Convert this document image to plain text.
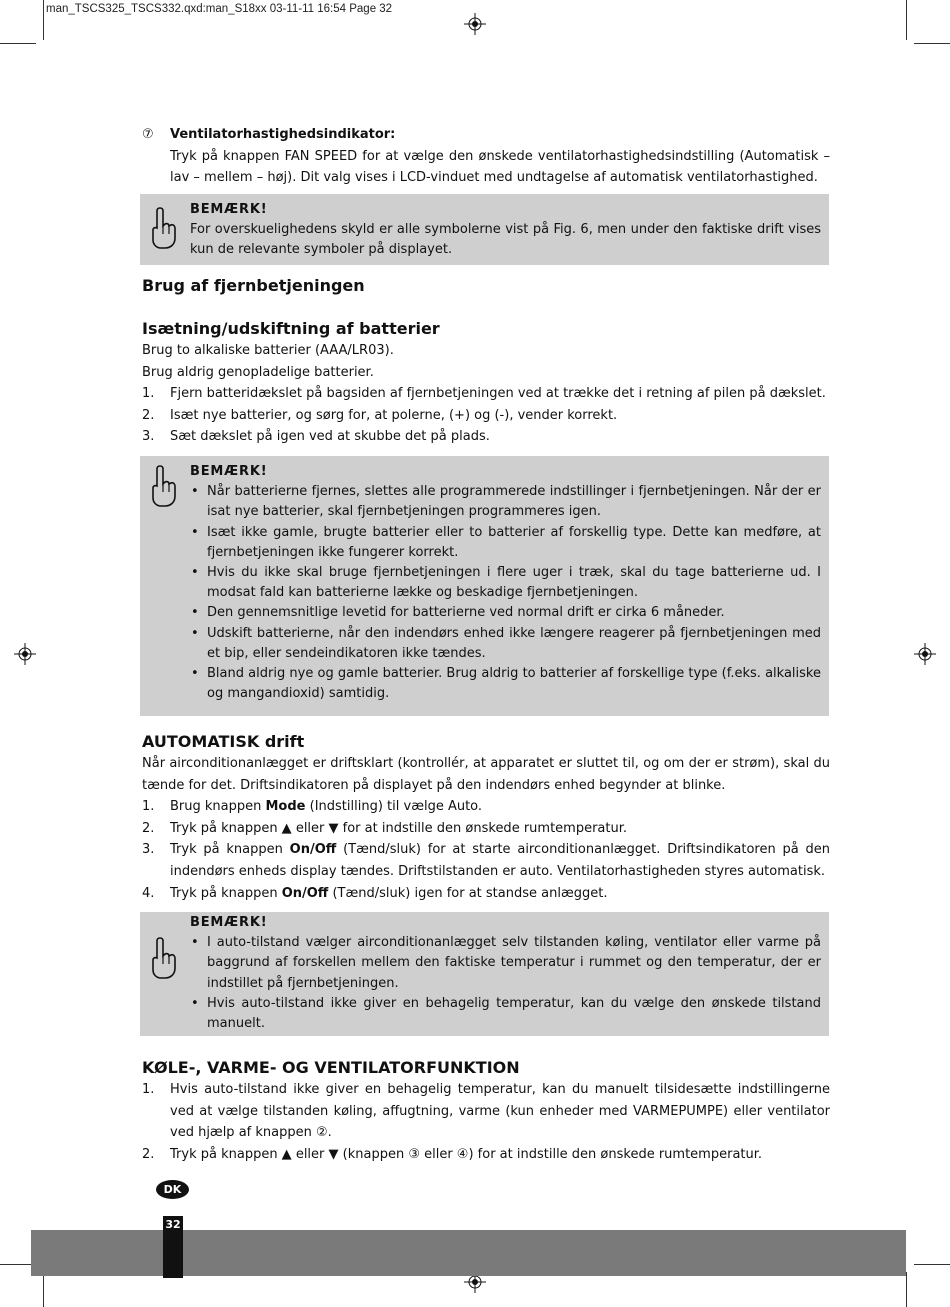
man_TSCS325_TSCS332.qxd:man_S18xx 03-11-11 16:54 Page 32
⑦	Ventilatorhastighedsindikator:
Tryk på knappen FAN SPEED for at vælge den ønskede ventilatorhastighedsindstilling (Automatisk – lav – mellem – høj). Dit valg vises i LCD-vinduet med undtagelse af automatisk ventilatorhastighed.
BEMÆRK!
For overskuelighedens skyld er alle symbolerne vist på Fig. 6, men under den faktiske drift vises kun de relevante symboler på displayet.
Brug af fjernbetjeningen
Isætning/udskiftning af batterier

Brug to alkaliske batterier (AAA/LR03).

Brug aldrig genopladelige batterier.

1.	Fjern batteridækslet på bagsiden af fjernbetjeningen ved at trække det i retning af pilen på dækslet.
2.	Isæt nye batterier, og sørg for, at polerne, (+) og (-), vender korrekt.
3.	Sæt dækslet på igen ved at skubbe det på plads.
BEMÆRK!
• Når batterierne fjernes, slettes alle programmerede indstillinger i fjernbetjeningen. Når der er isat nye batterier, skal fjernbetjeningen programmeres igen.
• Isæt ikke gamle, brugte batterier eller to batterier af forskellig type. Dette kan medføre, at fjernbetjeningen ikke fungerer korrekt.
• Hvis du ikke skal bruge fjernbetjeningen i flere uger i træk, skal du tage batterierne ud. I modsat fald kan batterierne lække og beskadige fjernbetjeningen.
• Den gennemsnitlige levetid for batterierne ved normal drift er cirka 6 måneder.
• Udskift batterierne, når den indendørs enhed ikke længere reagerer på fjernbetjeningen med et bip, eller sendeindikatoren ikke tændes.
• Bland aldrig nye og gamle batterier. Brug aldrig to batterier af forskellige type (f.eks. alkaliske og mangandioxid) samtidig.
AUTOMATISK drift

Når airconditionanlægget er driftsklart (kontrollér, at apparatet er sluttet til, og om der er strøm), skal du tænde for det. Driftsindikatoren på displayet på den indendørs enhed begynder at blinke.

1.	Brug knappen Mode (Indstilling) til vælge Auto.
2.	Tryk på knappen ▲ eller ▼ for at indstille den ønskede rumtemperatur.
3.	Tryk på knappen On/Off (Tænd/sluk) for at starte airconditionanlægget. Driftsindikatoren på den indendørs enheds display tændes. Driftstilstanden er auto. Ventilatorhastigheden styres automatisk.
4.	Tryk på knappen On/Off (Tænd/sluk) igen for at standse anlægget.
BEMÆRK!
• I auto-tilstand vælger airconditionanlægget selv tilstanden køling, ventilator eller varme på baggrund af forskellen mellem den faktiske temperatur i rummet og den temperatur, der er indstillet på fjernbetjeningen.
• Hvis auto-tilstand ikke giver en behagelig temperatur, kan du vælge den ønskede tilstand manuelt.
KØLE-, VARME- OG VENTILATORFUNKTION
1.	Hvis auto-tilstand ikke giver en behagelig temperatur, kan du manuelt tilsidesætte indstillingerne ved at vælge tilstanden køling, affugtning, varme (kun enheder med VARMEPUMPE) eller ventilator ved hjælp af knappen ②.
2.	Tryk på knappen ▲ eller ▼ (knappen ③ eller ④) for at indstille den ønskede rumtemperatur.
DK
32
